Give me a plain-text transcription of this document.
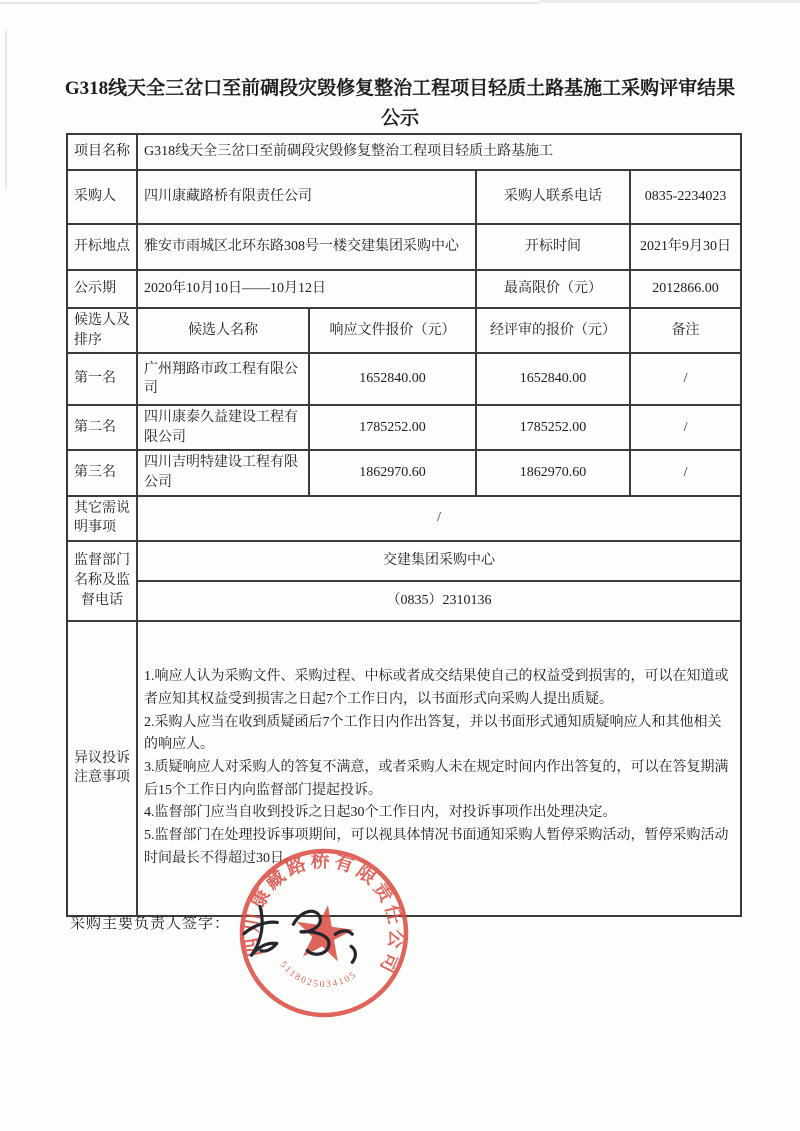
G318线天全三岔口至前碉段灾毁修复整治工程项目轻质土路基施工采购评审结果公示
项目名称	G318线天全三岔口至前碉段灾毁修复整治工程项目轻质土路基施工			
采购人	四川康藏路桥有限责任公司		采购人联系电话	0835-2234023
开标地点	雅安市雨城区北环东路308号一楼交建集团采购中心		开标时间	2021年9月30日
公示期	2020年10月10日——10月12日		最高限价（元）	2012866.00
候选人及排序	候选人名称	响应文件报价（元）	经评审的报价（元）	备注
第一名	广州翔路市政工程有限公司	1652840.00	1652840.00	/
第二名	四川康泰久益建设工程有限公司	1785252.00	1785252.00	/
第三名	四川吉明特建设工程有限公司	1862970.60	1862970.60	/
其它需说明事项	/			
监督部门名称及监督电话	交建集团采购中心			
	（0835）2310136			
异议投诉注意事项	1.响应人认为采购文件、采购过程、中标或者成交结果使自己的权益受到损害的，可以在知道或者应知其权益受到损害之日起7个工作日内，以书面形式向采购人提出质疑。
2.采购人应当在收到质疑函后7个工作日内作出答复，并以书面形式通知质疑响应人和其他相关的响应人。
3.质疑响应人对采购人的答复不满意，或者采购人未在规定时间内作出答复的，可以在答复期满后15个工作日内向监督部门提起投诉。
4.监督部门应当自收到投诉之日起30个工作日内，对投诉事项作出处理决定。
5.监督部门在处理投诉事项期间，可以视具体情况书面通知采购人暂停采购活动，暂停采购活动时间最长不得超过30日。			
采购主要负责人签字：
四川康藏路桥有限责任公司
5118025034105
